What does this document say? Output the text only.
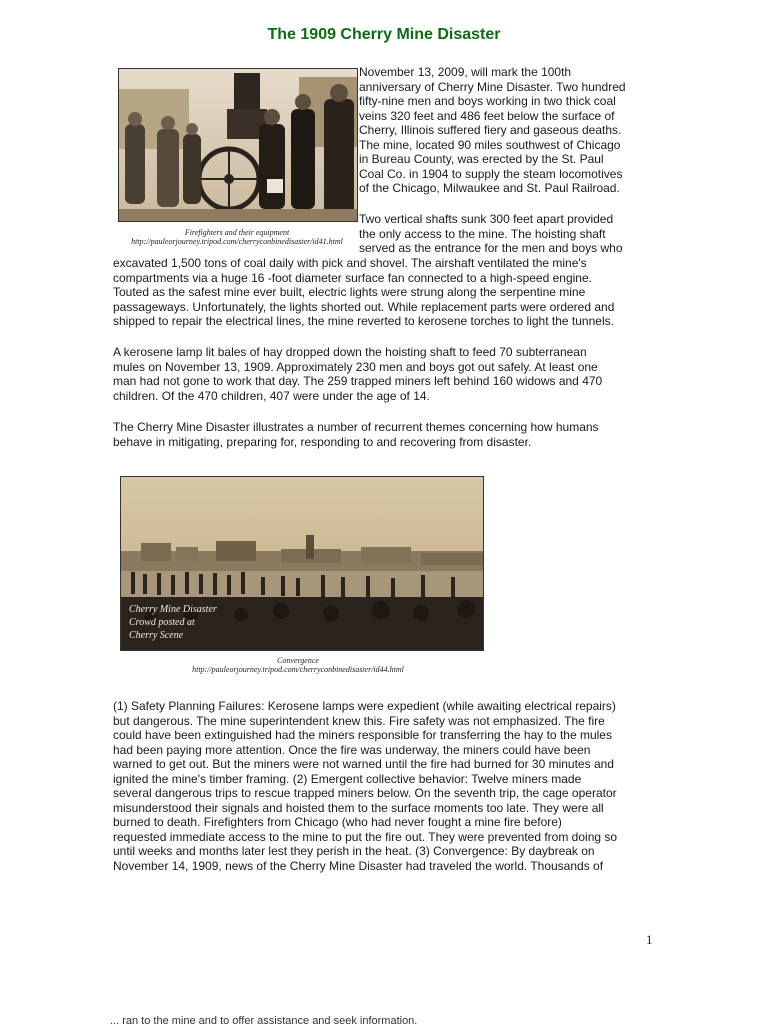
The 1909 Cherry Mine Disaster
Firefighters and their equipment
http://pauleorjourney.tripod.com/cherryconbinedisaster/id41.html
November 13, 2009, will mark the 100th
anniversary of Cherry Mine Disaster. Two hundred
fifty-nine men and boys working in two thick coal
veins 320 feet and 486 feet below the surface of
Cherry, Illinois suffered fiery and gaseous deaths.
The mine, located 90 miles southwest of Chicago
in Bureau County, was erected by the St. Paul
Coal Co. in 1904 to supply the steam locomotives
of the Chicago, Milwaukee and St. Paul Railroad.
Two vertical shafts sunk 300 feet apart provided
the only access to the mine. The hoisting shaft
served as the entrance for the men and boys who
excavated 1,500 tons of coal daily with pick and shovel. The airshaft ventilated the mine's
compartments via a huge 16 -foot diameter surface fan connected to a high-speed engine.
Touted as the safest mine ever built, electric lights were strung along the serpentine mine
passageways. Unfortunately, the lights shorted out. While replacement parts were ordered and
shipped to repair the electrical lines, the mine reverted to kerosene torches to light the tunnels.
A kerosene lamp lit bales of hay dropped down the hoisting shaft to feed 70 subterranean
mules on November 13, 1909. Approximately 230 men and boys got out safely. At least one
man had not gone to work that day. The 259 trapped miners left behind 160 widows and 470
children. Of the 470 children, 407 were under the age of 14.
The Cherry Mine Disaster illustrates a number of recurrent themes concerning how humans
behave in mitigating, preparing for, responding to and recovering from disaster.
Cherry Mine Disaster
Crowd posted at
Cherry Scene
Convergence
http://pauleorjourney.tripod.com/cherryconbinedisaster/id44.html
(1) Safety Planning Failures: Kerosene lamps were expedient (while awaiting electrical repairs)
but dangerous. The mine superintendent knew this. Fire safety was not emphasized. The fire
could have been extinguished had the miners responsible for transferring the hay to the mules
had been paying more attention. Once the fire was underway, the miners could have been
warned to get out. But the miners were not warned until the fire had burned for 30 minutes and
ignited the mine's timber framing. (2) Emergent collective behavior: Twelve miners made
several dangerous trips to rescue trapped miners below. On the seventh trip, the cage operator
misunderstood their signals and hoisted them to the surface moments too late. They were all
burned to death. Firefighters from Chicago (who had never fought a mine fire before)
requested immediate access to the mine to put the fire out. They were prevented from doing so
until weeks and months later lest they perish in the heat. (3) Convergence: By daybreak on
November 14, 1909, news of the Cherry Mine Disaster had traveled the world. Thousands of
1
... ran to the mine and to offer assistance and seek information.
